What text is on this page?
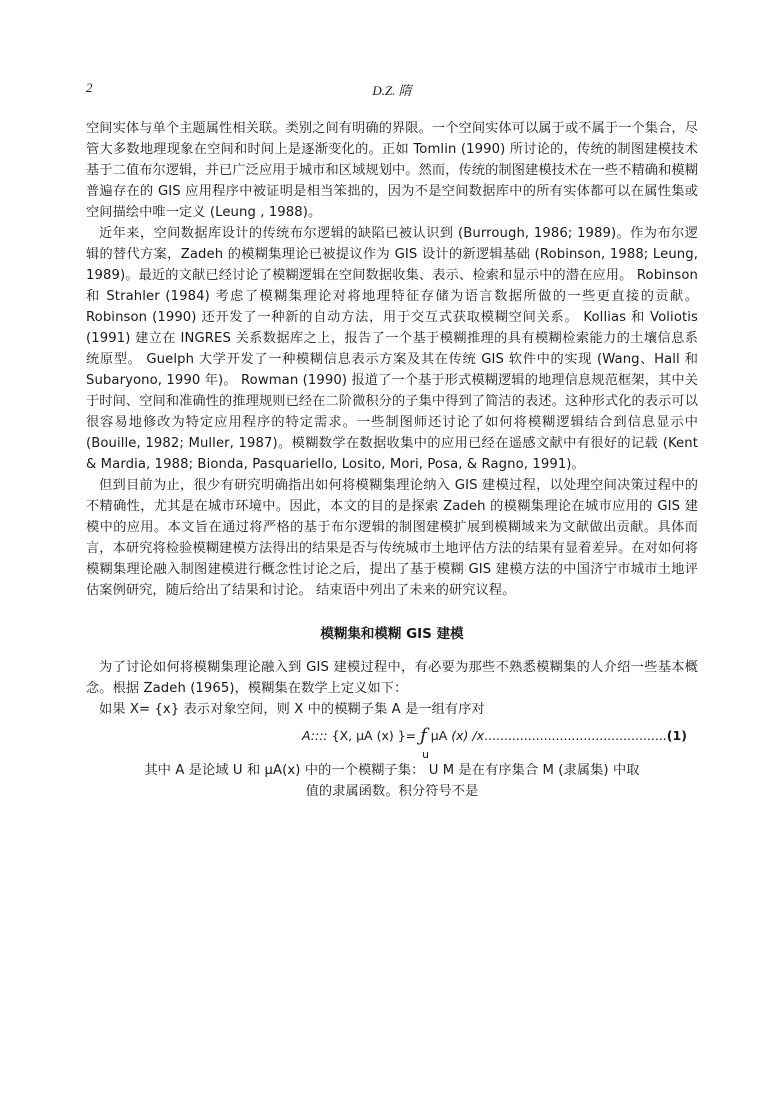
2	D.Z. 隋

空间实体与单个主题属性相关联。类别之间有明确的界限。一个空间实体可以属于或不属于一个集合，尽管大多数地理现象在空间和时间上是逐渐变化的。正如 Tomlin (1990) 所讨论的，传统的制图建模技术基于二值布尔逻辑，并已广泛应用于城市和区域规划中。然而，传统的制图建模技术在一些不精确和模糊普遍存在的 GIS 应用程序中被证明是相当笨拙的，因为不是空间数据库中的所有实体都可以在属性集或空间描绘中唯一定义 (Leung , 1988)。

近年来，空间数据库设计的传统布尔逻辑的缺陷已被认识到 (Burrough, 1986; 1989)。作为布尔逻辑的替代方案，Zadeh 的模糊集理论已被提议作为 GIS 设计的新逻辑基础 (Robinson, 1988; Leung, 1989)。最近的文献已经讨论了模糊逻辑在空间数据收集、表示、检索和显示中的潜在应用。 Robinson 和 Strahler (1984) 考虑了模糊集理论对将地理特征存储为语言数据所做的一些更直接的贡献。 Robinson (1990) 还开发了一种新的自动方法，用于交互式获取模糊空间关系。 Kollias 和 Voliotis (1991) 建立在 INGRES 关系数据库之上，报告了一个基于模糊推理的具有模糊检索能力的土壤信息系统原型。 Guelph 大学开发了一种模糊信息表示方案及其在传统 GIS 软件中的实现 (Wang、Hall 和 Subaryono, 1990 年)。 Rowman (1990) 报道了一个基于形式模糊逻辑的地理信息规范框架，其中关于时间、空间和准确性的推理规则已经在二阶微积分的子集中得到了简洁的表述。这种形式化的表示可以很容易地修改为特定应用程序的特定需求。一些制图师还讨论了如何将模糊逻辑结合到信息显示中 (Bouille, 1982; Muller, 1987)。模糊数学在数据收集中的应用已经在遥感文献中有很好的记载 (Kent & Mardia, 1988; Bionda, Pasquariello, Losito, Mori, Posa, & Ragno, 1991)。

但到目前为止，很少有研究明确指出如何将模糊集理论纳入 GIS 建模过程，以处理空间决策过程中的不精确性，尤其是在城市环境中。因此，本文的目的是探索 Zadeh 的模糊集理论在城市应用的 GIS 建模中的应用。本文旨在通过将严格的基于布尔逻辑的制图建模扩展到模糊域来为文献做出贡献。具体而言，本研究将检验模糊建模方法得出的结果是否与传统城市土地评估方法的结果有显着差异。在对如何将模糊集理论融入制图建模进行概念性讨论之后，提出了基于模糊 GIS 建模方法的中国济宁市城市土地评估案例研究，随后给出了结果和讨论。 结束语中列出了未来的研究议程。

模糊集和模糊 GIS 建模

为了讨论如何将模糊集理论融入到 GIS 建模过程中，有必要为那些不熟悉模糊集的人介绍一些基本概念。根据 Zadeh (1965)，模糊集在数学上定义如下：

如果 X= {x} 表示对象空间，则 X 中的模糊子集 A 是一组有序对

A:::: {X, μA (x) }= ƒ μA (x) /x..............................................(1)
u

其中 A 是论域 U 和 μA(x) 中的一个模糊子集： U M 是在有序集合 M (隶属集) 中取

值的隶属函数。积分符号不是
